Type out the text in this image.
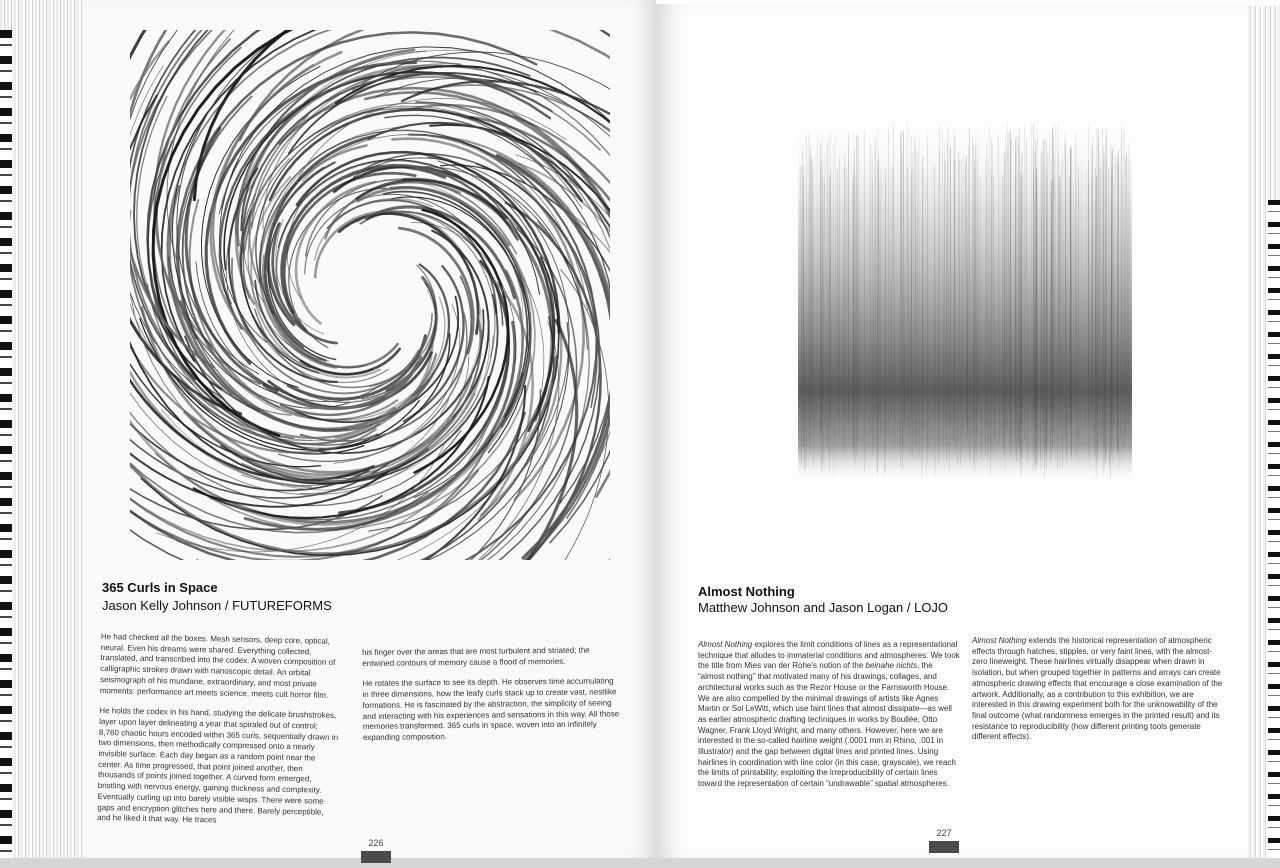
365 Curls in Space
Jason Kelly Johnson / FUTUREFORMS

He had checked all the boxes. Mesh sensors, deep core, optical, neural. Even his dreams were shared. Everything collected, translated, and transcribed into the codex. A woven composition of calligraphic strokes drawn with nanoscopic detail. An orbital seismograph of his mundane, extraordinary, and most private moments: performance art meets science, meets cult horror film.

He holds the codex in his hand, studying the delicate brushstrokes, layer upon layer delineating a year that spiraled out of control; 8,760 chaotic hours encoded within 365 curls, sequentially drawn in two dimensions, then methodically compressed onto a nearly invisible surface. Each day began as a random point near the center. As time progressed, that point joined another, then thousands of points joined together. A curved form emerged, bristling with nervous energy, gaining thickness and complexity. Eventually curling up into barely visible wisps. There were some gaps and encryption glitches here and there. Barely perceptible, and he liked it that way. He traces

his finger over the areas that are most turbulent and striated; the entwined contours of memory cause a flood of memories.

He rotates the surface to see its depth. He observes time accumulating in three dimensions, how the leafy curls stack up to create vast, nestlike formations. He is fascinated by the abstraction, the simplicity of seeing and interacting with his experiences and sensations in this way. All those memories transformed. 365 curls in space, woven into an infinitely expanding composition.

226
Almost Nothing
Matthew Johnson and Jason Logan / LOJO

Almost Nothing explores the limit conditions of lines as a representational technique that alludes to immaterial conditions and atmospheres. We took the title from Mies van der Rohe’s notion of the beinahe nichts, the “almost nothing” that motivated many of his drawings, collages, and architectural works such as the Rezor House or the Farnsworth House. We are also compelled by the minimal drawings of artists like Agnes Martin or Sol LeWitt, which use faint lines that almost dissipate—as well as earlier atmospheric drafting techniques in works by Boullée, Otto Wagner, Frank Lloyd Wright, and many others. However, here we are interested in the so-called hairline weight (.0001 mm in Rhino, .001 in Illustrator) and the gap between digital lines and printed lines. Using hairlines in coordination with line color (in this case, grayscale), we reach the limits of printability, exploiting the irreproducibility of certain lines toward the representation of certain “undrawable” spatial atmospheres.

Almost Nothing extends the historical representation of atmospheric effects through hatches, stipples, or very faint lines, with the almost-zero lineweight. These hairlines virtually disappear when drawn in isolation, but when grouped together in patterns and arrays can create atmospheric drawing effects that encourage a close examination of the artwork. Additionally, as a contribution to this exhibition, we are interested in this drawing experiment both for the unknowability of the final outcome (what randomness emerges in the printed result) and its resistance to reproducibility (how different printing tools generate different effects).

227
